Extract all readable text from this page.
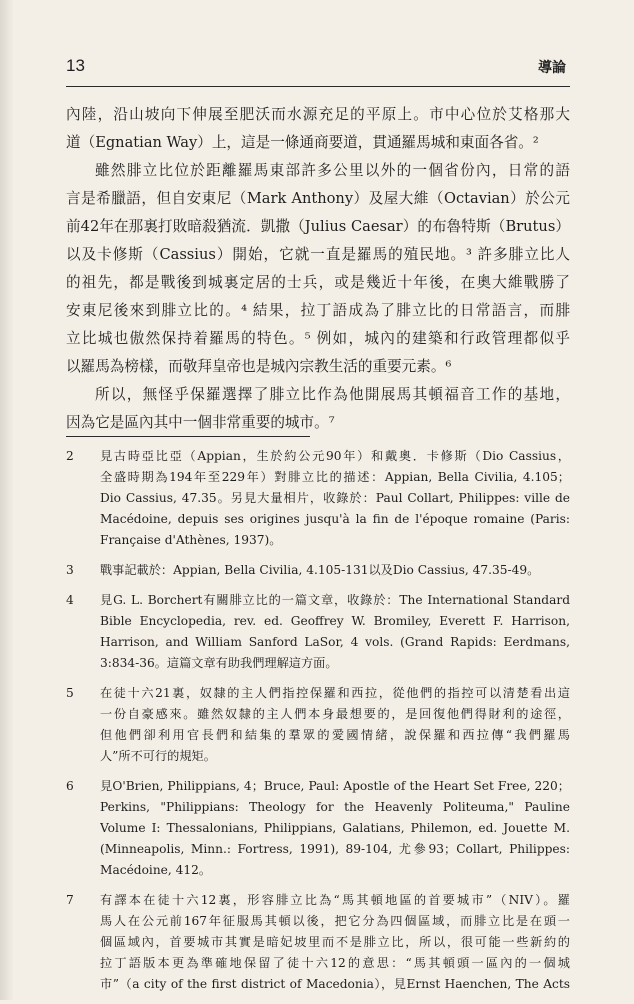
13	導論
內陸，沿山坡向下伸展至肥沃而水源充足的平原上。市中心位於艾格那大
道（Egnatian Way）上，這是一條通商要道，貫通羅馬城和東面各省。²
雖然腓立比位於距離羅馬東部許多公里以外的一個省份內，日常的語
言是希臘語，但自安東尼（Mark Anthony）及屋大維（Octavian）於公元
前42年在那裏打敗暗殺猶流．凱撒（Julius Caesar）的布魯特斯（Brutus）
以及卡修斯（Cassius）開始，它就一直是羅馬的殖民地。³ 許多腓立比人
的祖先，都是戰後到城裏定居的士兵，或是幾近十年後，在奧大維戰勝了
安東尼後來到腓立比的。⁴ 結果，拉丁語成為了腓立比的日常語言，而腓
立比城也傲然保持着羅馬的特色。⁵ 例如，城內的建築和行政管理都似乎
以羅馬為榜樣，而敬拜皇帝也是城內宗教生活的重要元素。⁶
所以，無怪乎保羅選擇了腓立比作為他開展馬其頓福音工作的基地，
因為它是區內其中一個非常重要的城市。⁷
2 見古時亞比亞（Appian，生於約公元90年）和戴奧．卡修斯（Dio Cassius，
全盛時期為194年至229年）對腓立比的描述：Appian, Bella Civilia, 4.105；
Dio Cassius, 47.35。另見大量相片，收錄於：Paul Collart, Philippes: ville de
Macédoine, depuis ses origines jusqu'à la fin de l'époque romaine (Paris:
Française d'Athènes, 1937)。
3 戰事記載於：Appian, Bella Civilia, 4.105-131以及Dio Cassius, 47.35-49。
4 見G. L. Borchert有關腓立比的一篇文章，收錄於：The International Standard
Bible Encyclopedia, rev. ed. Geoffrey W. Bromiley, Everett F. Harrison,
Harrison, and William Sanford LaSor, 4 vols. (Grand Rapids: Eerdmans,
3:834-36。這篇文章有助我們理解這方面。
5 在徒十六21裏，奴隸的主人們指控保羅和西拉，從他們的指控可以清楚看出這
一份自豪感來。雖然奴隸的主人們本身最想要的，是回復他們得財利的途徑，
但他們卻利用官長們和結集的羣眾的愛國情緒，說保羅和西拉傳“我們羅馬
人”所不可行的規矩。
6 見O'Brien, Philippians, 4；Bruce, Paul: Apostle of the Heart Set Free, 220；
Perkins, "Philippians: Theology for the Heavenly Politeuma," Pauline
Volume I: Thessalonians, Philippians, Galatians, Philemon, ed. Jouette M.
(Minneapolis, Minn.: Fortress, 1991), 89-104, 尤參93；Collart, Philippes:
Macédoine, 412。
7 有譯本在徒十六12裏，形容腓立比為“馬其頓地區的首要城市”（NIV）。羅
馬人在公元前167年征服馬其頓以後，把它分為四個區域，而腓立比是在頭一
個區域內，首要城市其實是暗妃坡里而不是腓立比，所以，很可能一些新約的
拉丁語版本更為準確地保留了徒十六12的意思：“馬其頓頭一區內的一個城
市”（a city of the first district of Macedonia），見Ernst Haenchen, The Acts
